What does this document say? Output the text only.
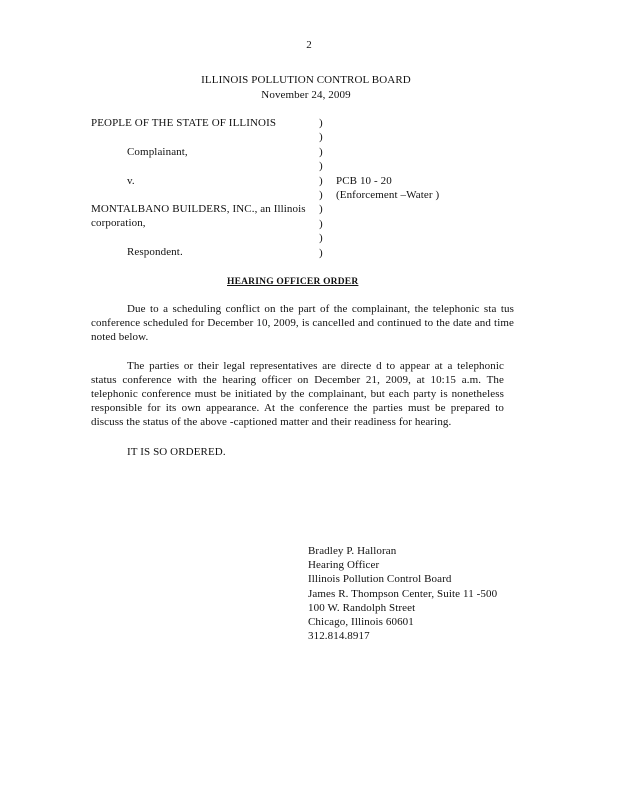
2
ILLINOIS POLLUTION CONTROL BOARD
November 24, 2009
PEOPLE OF THE STATE OF ILLINOIS
Complainant,
v.
MONTALBANO BUILDERS, INC., an Illinois
corporation,
Respondent.
)
)
)
)
)
)
)
)
)
)
PCB 10 - 20
(Enforcement –Water )
HEARING OFFICER ORDER
Due to a scheduling conflict on the part of the complainant, the telephonic sta tus conference scheduled for December 10, 2009, is cancelled and continued to the date and time noted below.
The parties or their legal representatives are directe d to appear at a telephonic status conference with the hearing officer on December 21, 2009, at 10:15 a.m. The telephonic conference must be initiated by the complainant, but each party is nonetheless responsible for its own appearance. At the conference the parties must be prepared to discuss the status of the above -captioned matter and their readiness for hearing.
IT IS SO ORDERED.
Bradley P. Halloran
Hearing Officer
Illinois Pollution Control Board
James R. Thompson Center, Suite 11 -500
100 W. Randolph Street
Chicago, Illinois 60601
312.814.8917
